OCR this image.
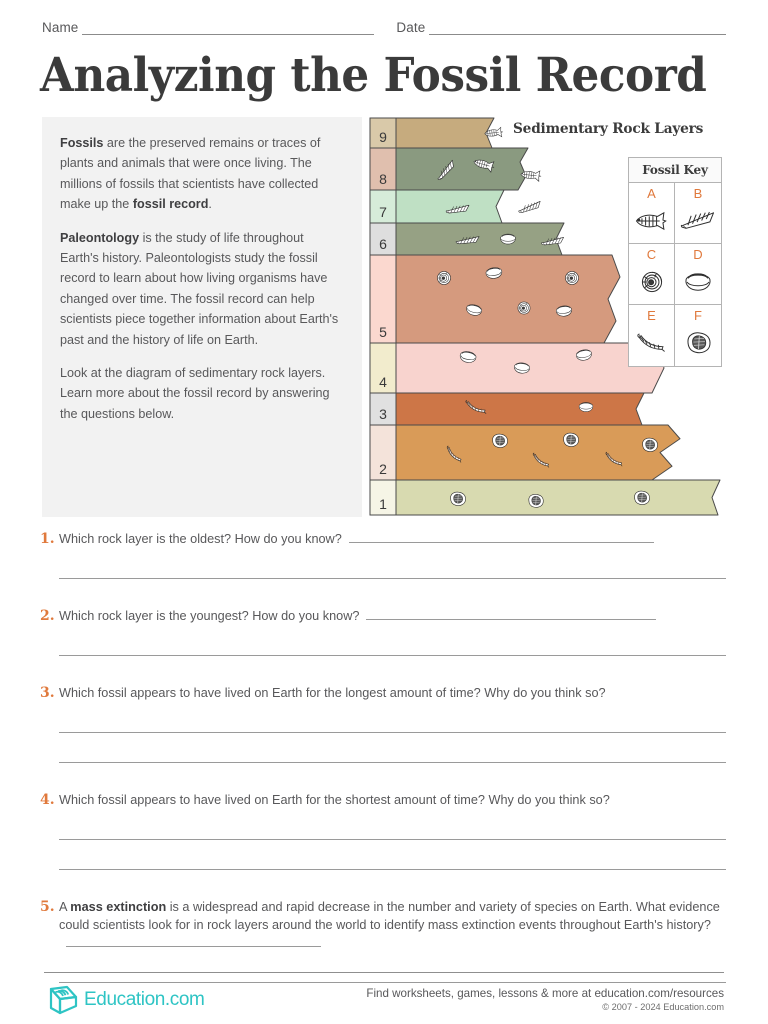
Name	Date
Analyzing the Fossil Record

Fossils are the preserved remains or traces of plants and animals that were once living. The millions of fossils that scientists have collected make up the fossil record.

Paleontology is the study of life throughout Earth's history. Paleontologists study the fossil record to learn about how living organisms have changed over time. The fossil record can help scientists piece together information about Earth's past and the history of life on Earth.

Look at the diagram of sedimentary rock layers. Learn more about the fossil record by answering the questions below.

Sedimentary Rock Layers
9
8
7
6
5
4
3
2
1
Fossil Key
A	B
C	D
E	F
1. Which rock layer is the oldest? How do you know?
2. Which rock layer is the youngest? How do you know?
3. Which fossil appears to have lived on Earth for the longest amount of time? Why do you think so?
4. Which fossil appears to have lived on Earth for the shortest amount of time? Why do you think so?
5. A mass extinction is a widespread and rapid decrease in the number and variety of species on Earth. What evidence could scientists look for in rock layers around the world to identify mass extinction events throughout Earth's history?
Education.com	Find worksheets, games, lessons & more at education.com/resources
© 2007 - 2024 Education.com
